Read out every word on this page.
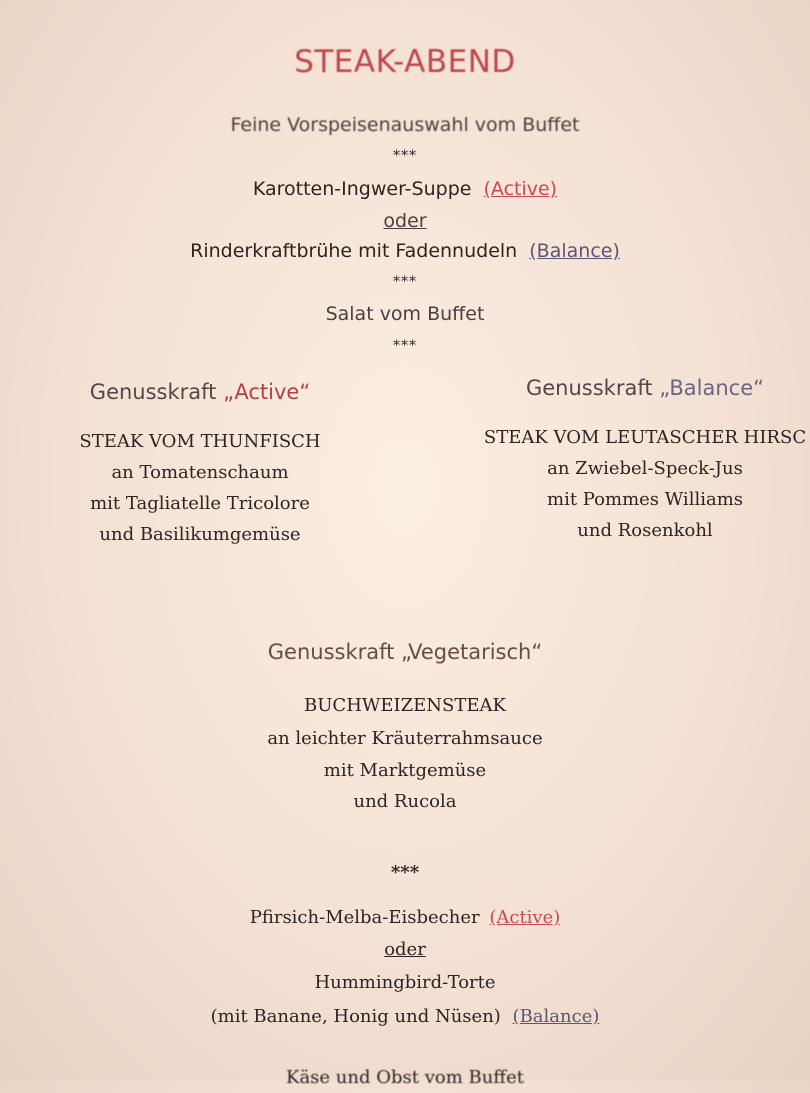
STEAK-ABEND
Feine Vorspeisenauswahl vom Buffet
***
Karotten-Ingwer-Suppe (Active)
oder
Rinderkraftbrühe mit Fadennudeln (Balance)
***
Salat vom Buffet
***
Genusskraft „Active“
STEAK VOM THUNFISCH
an Tomatenschaum
mit Tagliatelle Tricolore
und Basilikumgemüse
Genusskraft „Balance“
STEAK VOM LEUTASCHER HIRSC
an Zwiebel-Speck-Jus
mit Pommes Williams
und Rosenkohl
Genusskraft „Vegetarisch“
BUCHWEIZENSTEAK
an leichter Kräuterrahmsauce
mit Marktgemüse
und Rucola
***
Pfirsich-Melba-Eisbecher (Active)
oder
Hummingbird-Torte
(mit Banane, Honig und Nüsen) (Balance)
Käse und Obst vom Buffet
